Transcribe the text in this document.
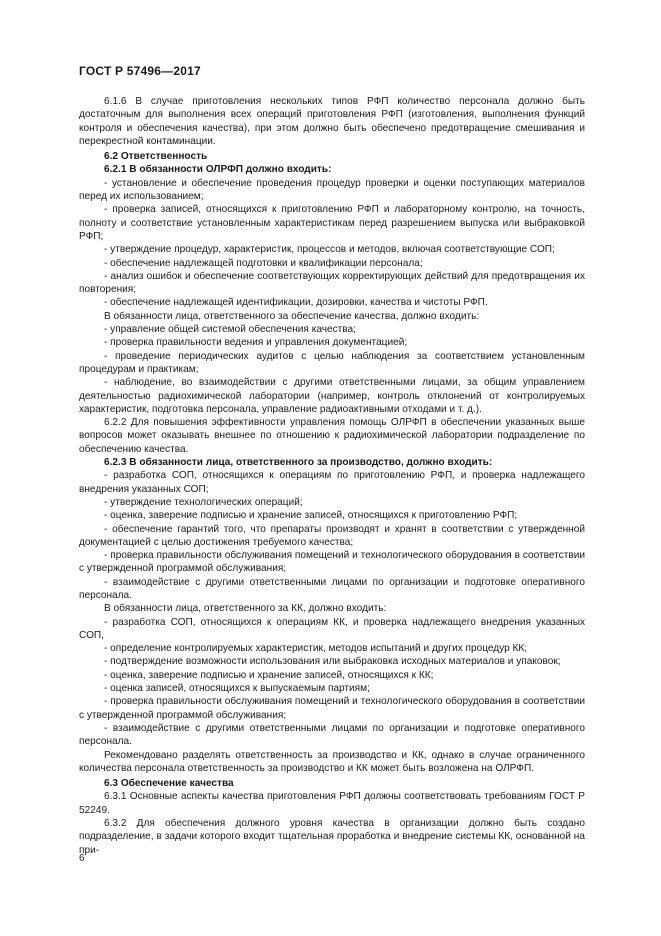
ГОСТ Р 57496—2017

6.1.6 В случае приготовления нескольких типов РФП количество персонала должно быть достаточным для выполнения всех операций приготовления РФП (изготовления, выполнения функций контроля и обеспечения качества), при этом должно быть обеспечено предотвращение смешивания и перекрестной контаминации.

6.2 Ответственность

6.2.1 В обязанности ОЛРФП должно входить:

- установление и обеспечение проведения процедур проверки и оценки поступающих материалов перед их использованием;

- проверка записей, относящихся к приготовлению РФП и лабораторному контролю, на точность, полноту и соответствие установленным характеристикам перед разрешением выпуска или выбраковкой РФП;

- утверждение процедур, характеристик, процессов и методов, включая соответствующие СОП;

- обеспечение надлежащей подготовки и квалификации персонала;

- анализ ошибок и обеспечение соответствующих корректирующих действий для предотвращения их повторения;

- обеспечение надлежащей идентификации, дозировки, качества и чистоты РФП.

В обязанности лица, ответственного за обеспечение качества, должно входить:

- управление общей системой обеспечения качества;

- проверка правильности ведения и управления документацией;

- проведение периодических аудитов с целью наблюдения за соответствием установленным процедурам и практикам;

- наблюдение, во взаимодействии с другими ответственными лицами, за общим управлением деятельностью радиохимической лаборатории (например, контроль отклонений от контролируемых характеристик, подготовка персонала, управление радиоактивными отходами и т. д.).

6.2.2 Для повышения эффективности управления помощь ОЛРФП в обеспечении указанных выше вопросов может оказывать внешнее по отношению к радиохимической лаборатории подразделение по обеспечению качества.

6.2.3 В обязанности лица, ответственного за производство, должно входить:

- разработка СОП, относящихся к операциям по приготовлению РФП, и проверка надлежащего внедрения указанных СОП;

- утверждение технологических операций;

- оценка, заверение подписью и хранение записей, относящихся к приготовлению РФП;

- обеспечение гарантий того, что препараты производят и хранят в соответствии с утвержденной документацией с целью достижения требуемого качества;

- проверка правильности обслуживания помещений и технологического оборудования в соответствии с утвержденной программой обслуживания;

- взаимодействие с другими ответственными лицами по организации и подготовке оперативного персонала.

В обязанности лица, ответственного за КК, должно входить:

- разработка СОП, относящихся к операциям КК, и проверка надлежащего внедрения указанных СОП,

- определение контролируемых характеристик, методов испытаний и других процедур КК;

- подтверждение возможности использования или выбраковка исходных материалов и упаковок;

- оценка, заверение подписью и хранение записей, относящихся к КК;

- оценка записей, относящихся к выпускаемым партиям;

- проверка правильности обслуживания помещений и технологического оборудования в соответствии с утвержденной программой обслуживания;

- взаимодействие с другими ответственными лицами по организации и подготовке оперативного персонала.

Рекомендовано разделять ответственность за производство и КК, однако в случае ограниченного количества персонала ответственность за производство и КК может быть возложена на ОЛРФП.

6.3 Обеспечение качества

6.3.1 Основные аспекты качества приготовления РФП должны соответствовать требованиям ГОСТ Р 52249.

6.3.2 Для обеспечения должного уровня качества в организации должно быть создано подразделение, в задачи которого входит тщательная проработка и внедрение системы КК, основанной на при-

6
